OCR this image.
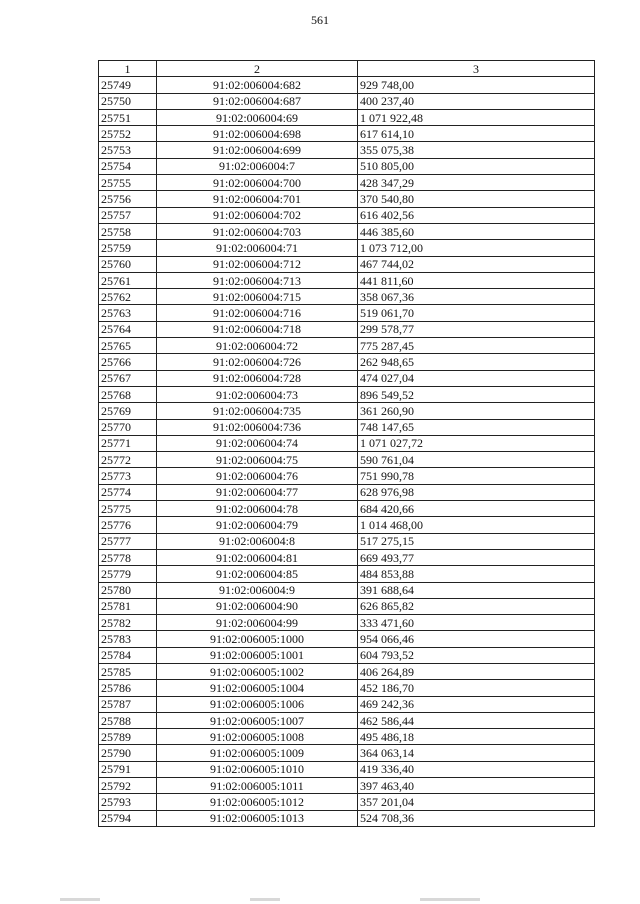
561
1	2	3
25749	91:02:006004:682	929 748,00
25750	91:02:006004:687	400 237,40
25751	91:02:006004:69	1 071 922,48
25752	91:02:006004:698	617 614,10
25753	91:02:006004:699	355 075,38
25754	91:02:006004:7	510 805,00
25755	91:02:006004:700	428 347,29
25756	91:02:006004:701	370 540,80
25757	91:02:006004:702	616 402,56
25758	91:02:006004:703	446 385,60
25759	91:02:006004:71	1 073 712,00
25760	91:02:006004:712	467 744,02
25761	91:02:006004:713	441 811,60
25762	91:02:006004:715	358 067,36
25763	91:02:006004:716	519 061,70
25764	91:02:006004:718	299 578,77
25765	91:02:006004:72	775 287,45
25766	91:02:006004:726	262 948,65
25767	91:02:006004:728	474 027,04
25768	91:02:006004:73	896 549,52
25769	91:02:006004:735	361 260,90
25770	91:02:006004:736	748 147,65
25771	91:02:006004:74	1 071 027,72
25772	91:02:006004:75	590 761,04
25773	91:02:006004:76	751 990,78
25774	91:02:006004:77	628 976,98
25775	91:02:006004:78	684 420,66
25776	91:02:006004:79	1 014 468,00
25777	91:02:006004:8	517 275,15
25778	91:02:006004:81	669 493,77
25779	91:02:006004:85	484 853,88
25780	91:02:006004:9	391 688,64
25781	91:02:006004:90	626 865,82
25782	91:02:006004:99	333 471,60
25783	91:02:006005:1000	954 066,46
25784	91:02:006005:1001	604 793,52
25785	91:02:006005:1002	406 264,89
25786	91:02:006005:1004	452 186,70
25787	91:02:006005:1006	469 242,36
25788	91:02:006005:1007	462 586,44
25789	91:02:006005:1008	495 486,18
25790	91:02:006005:1009	364 063,14
25791	91:02:006005:1010	419 336,40
25792	91:02:006005:1011	397 463,40
25793	91:02:006005:1012	357 201,04
25794	91:02:006005:1013	524 708,36
